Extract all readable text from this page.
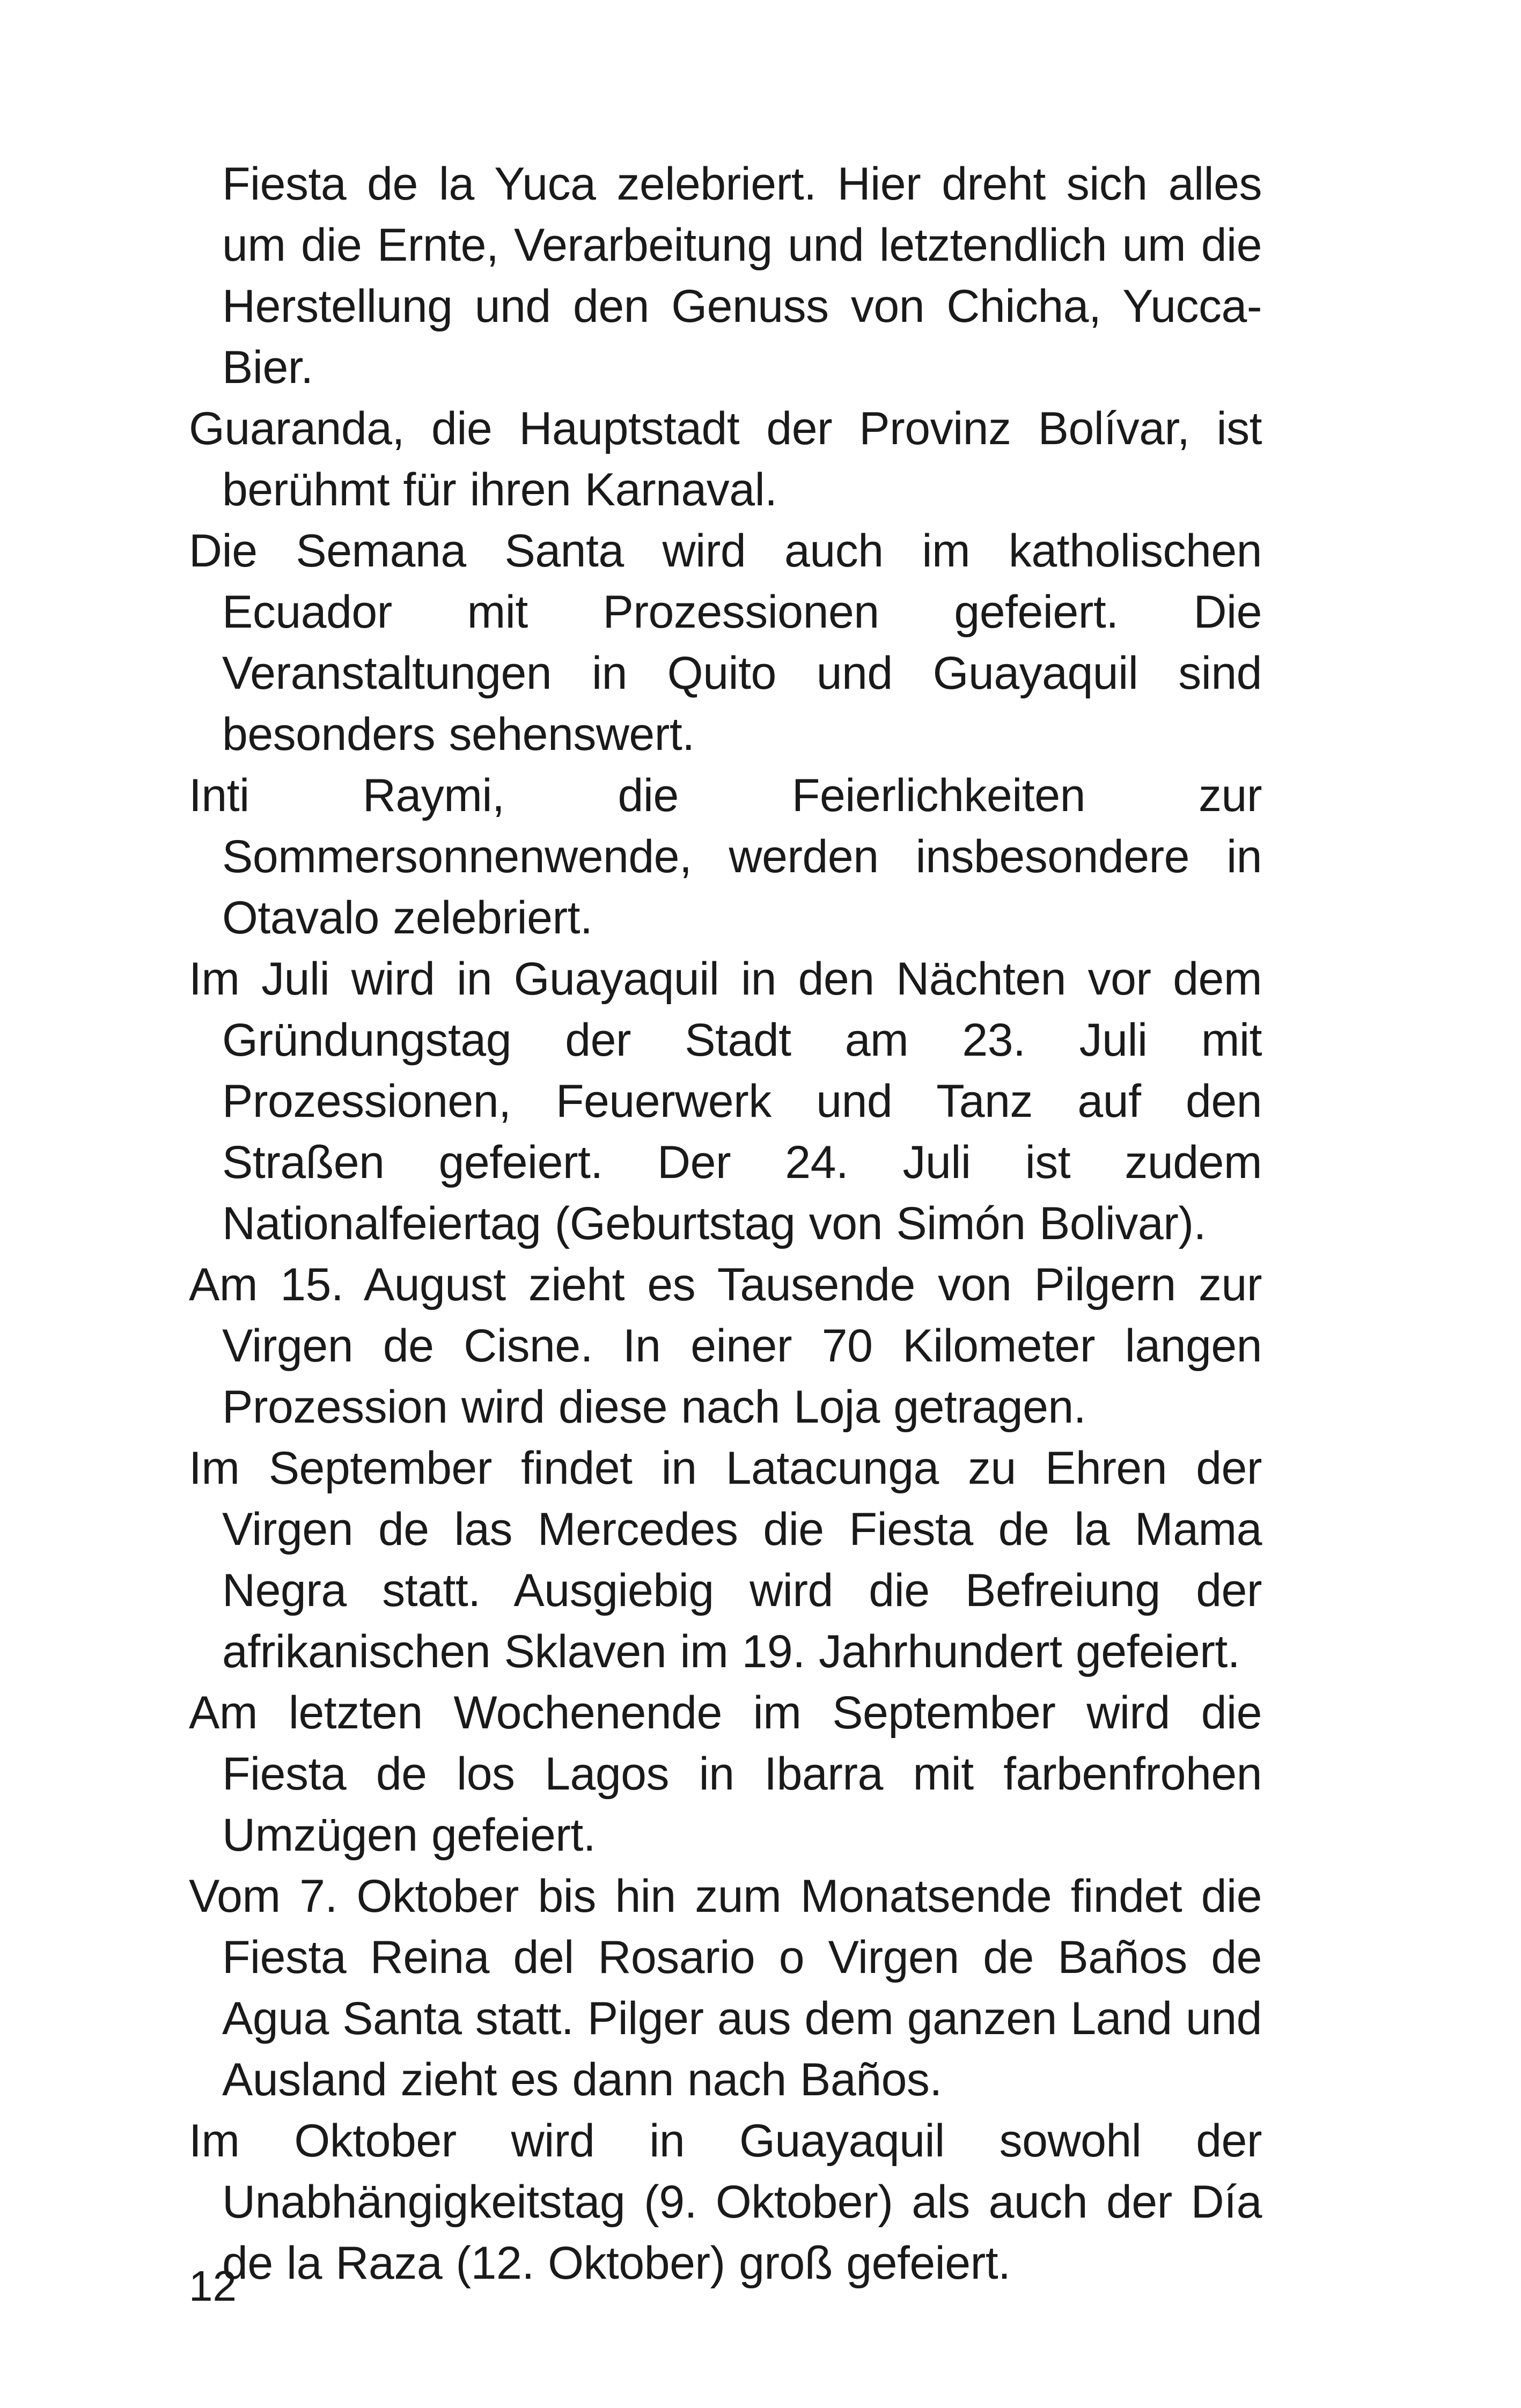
Fiesta de la Yuca zelebriert. Hier dreht sich alles um die Ernte, Verarbeitung und letztendlich um die Herstellung und den Genuss von Chicha, Yucca-Bier.

Guaranda, die Hauptstadt der Provinz Bolívar, ist berühmt für ihren Karnaval.

Die Semana Santa wird auch im katholischen Ecuador mit Prozessionen gefeiert. Die Veranstaltungen in Quito und Guayaquil sind besonders sehenswert.

Inti Raymi, die Feierlichkeiten zur Sommersonnenwende, werden insbesondere in Otavalo zelebriert.

Im Juli wird in Guayaquil in den Nächten vor dem Gründungstag der Stadt am 23. Juli mit Prozessionen, Feuerwerk und Tanz auf den Straßen gefeiert. Der 24. Juli ist zudem Nationalfeiertag (Geburtstag von Simón Bolivar).

Am 15. August zieht es Tausende von Pilgern zur Virgen de Cisne. In einer 70 Kilometer langen Prozession wird diese nach Loja getragen.

Im September findet in Latacunga zu Ehren der Virgen de las Mercedes die Fiesta de la Mama Negra statt. Ausgiebig wird die Befreiung der afrikanischen Sklaven im 19. Jahrhundert gefeiert.

Am letzten Wochenende im September wird die Fiesta de los Lagos in Ibarra mit farbenfrohen Umzügen gefeiert.

Vom 7. Oktober bis hin zum Monatsende findet die Fiesta Reina del Rosario o Virgen de Baños de Agua Santa statt. Pilger aus dem ganzen Land und Ausland zieht es dann nach Baños.

Im Oktober wird in Guayaquil sowohl der Unabhängigkeitstag (9. Oktober) als auch der Día de la Raza (12. Oktober) groß gefeiert.

12
